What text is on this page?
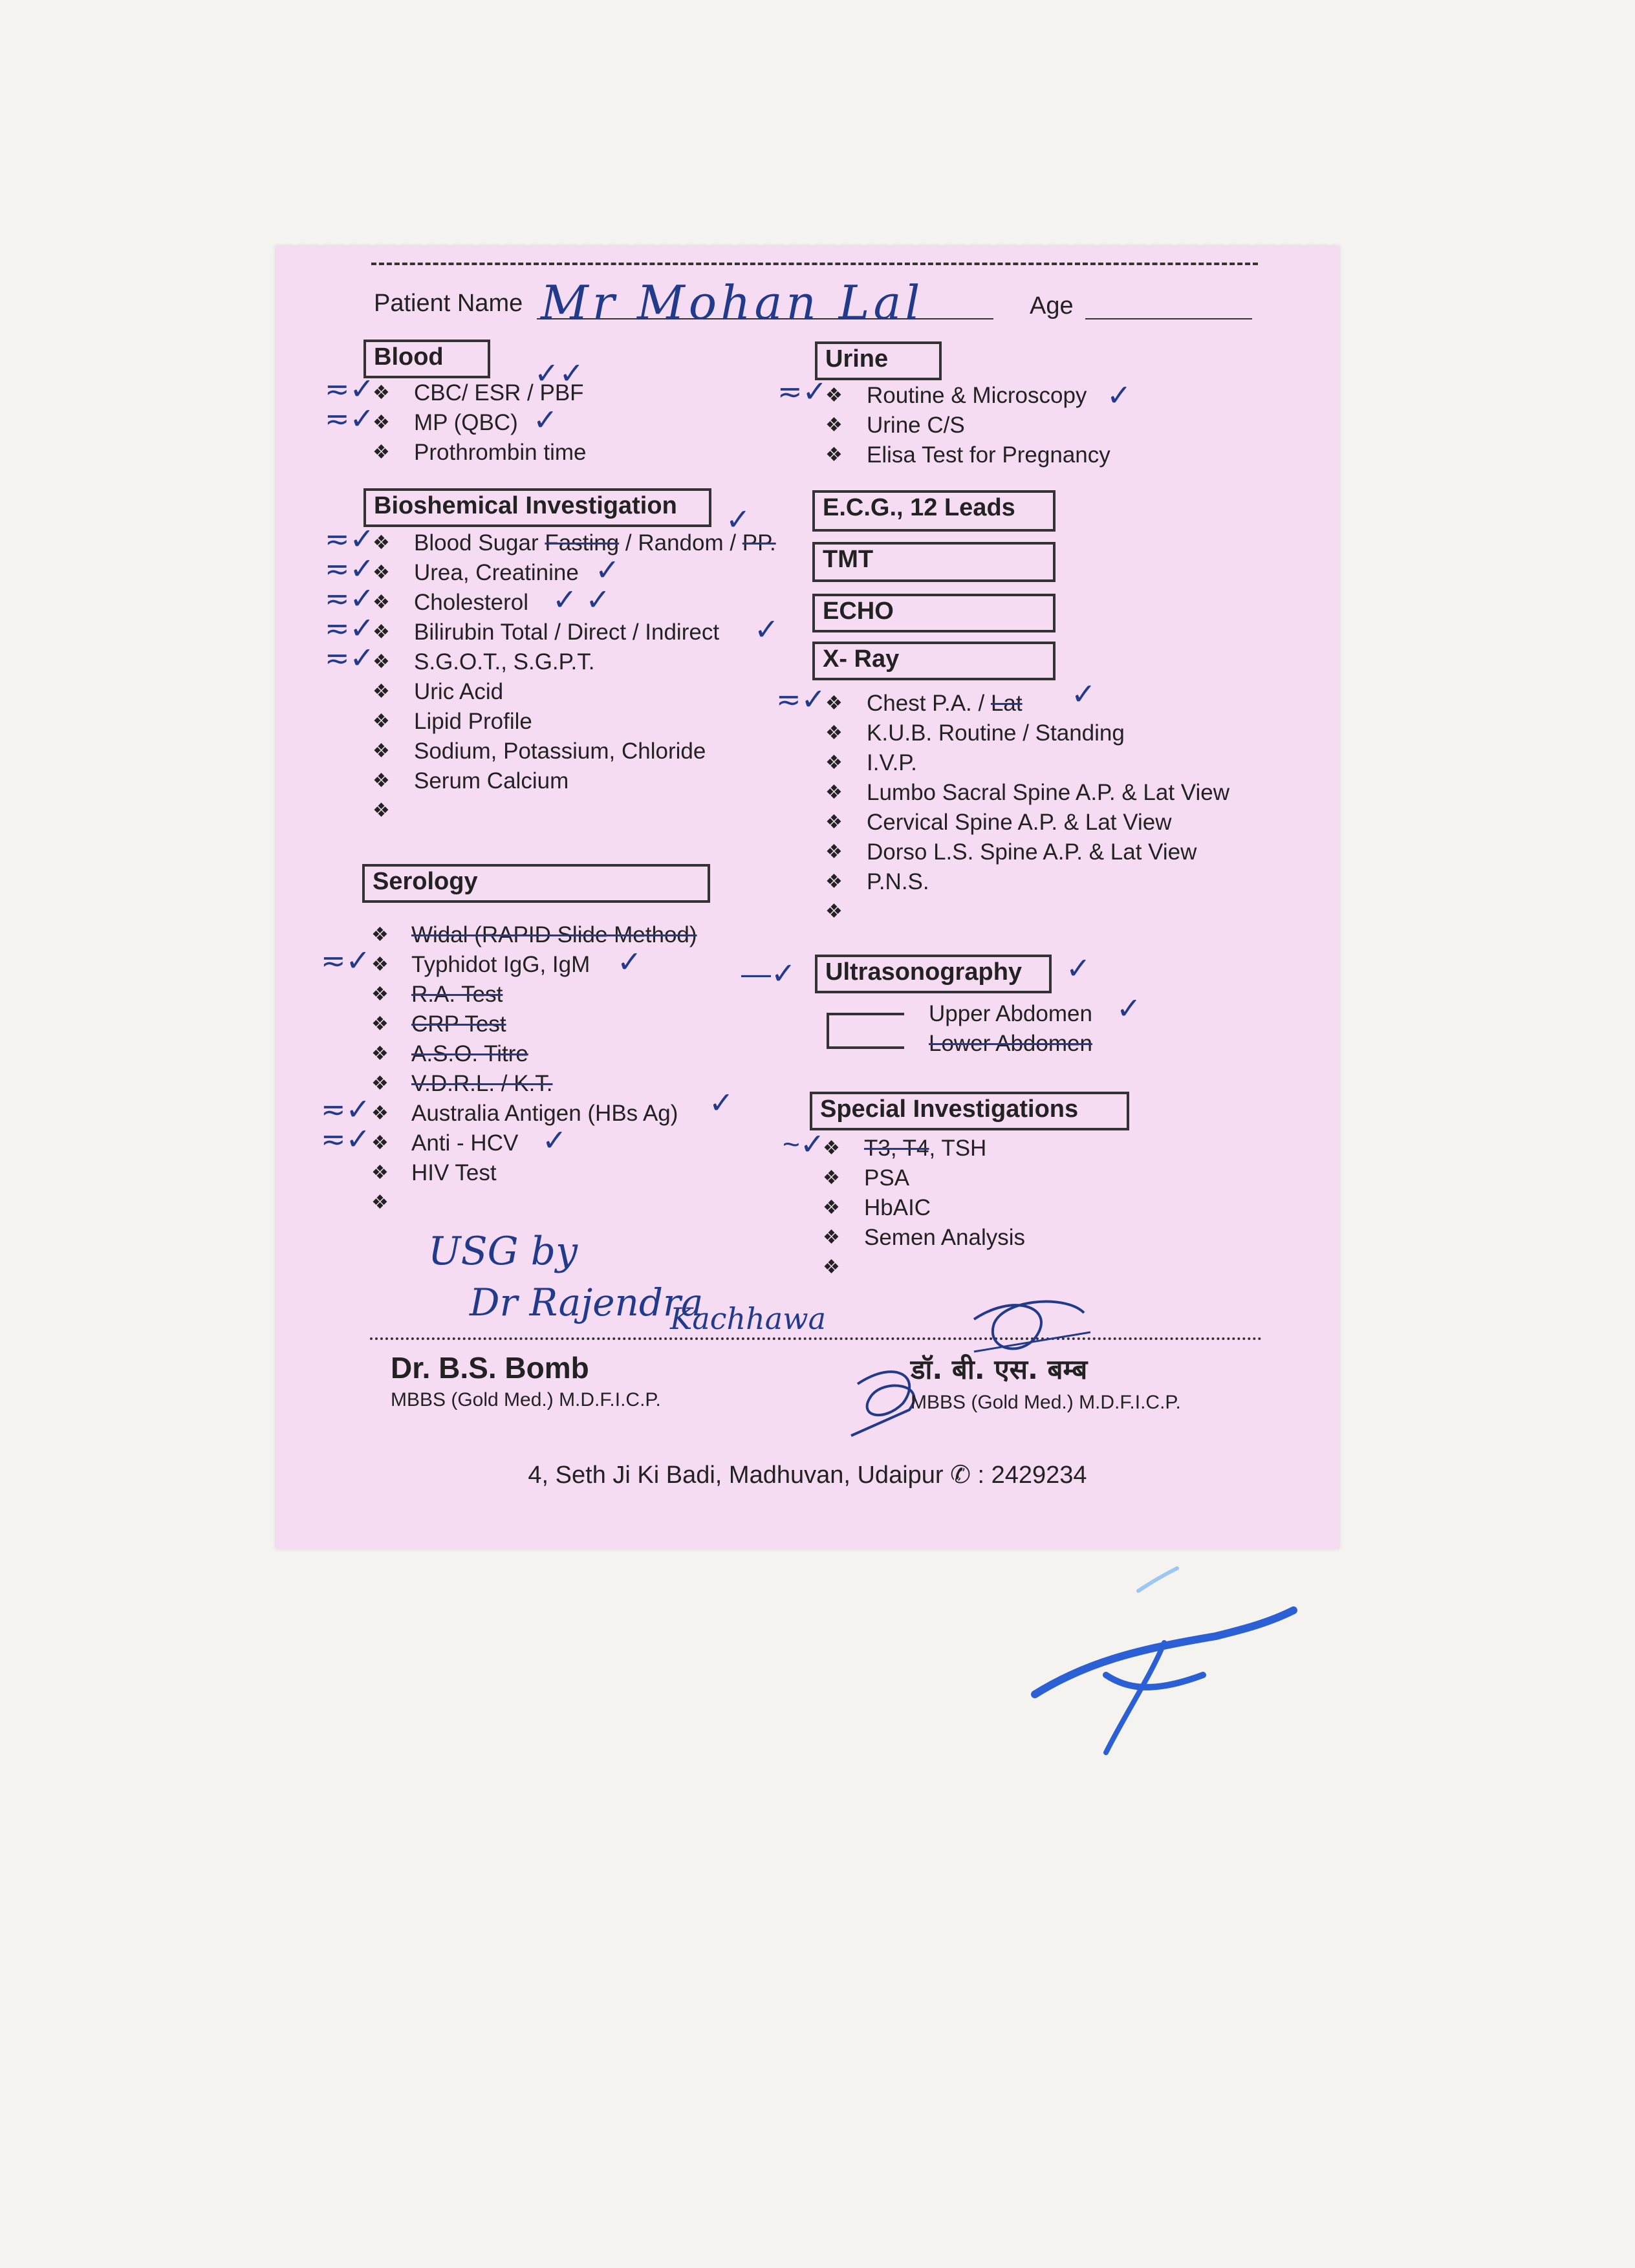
Patient Name Mr Mohan Lal	Age
Blood
❖ CBC/ ESR / PBF
❖ MP (QBC)
❖ Prothrombin time
Bioshemical Investigation
❖ Blood Sugar Fasting / Random / PP.
❖ Urea, Creatinine
❖ Cholesterol
❖ Bilirubin Total / Direct / Indirect
❖ S.G.O.T., S.G.P.T.
❖ Uric Acid
❖ Lipid Profile
❖ Sodium, Potassium, Chloride
❖ Serum Calcium
❖
Serology
❖ Widal (RAPID Slide Method)
❖ Typhidot IgG, IgM
❖ R.A. Test
❖ CRP Test
❖ A.S.O. Titre
❖ V.D.R.L. / K.T.
❖ Australia Antigen (HBs Ag)
❖ Anti - HCV
❖ HIV Test
❖
Urine
❖ Routine & Microscopy
❖ Urine C/S
❖ Elisa Test for Pregnancy
E.C.G., 12 Leads
TMT
ECHO
X- Ray
❖ Chest P.A. / Lat
❖ K.U.B. Routine / Standing
❖ I.V.P.
❖ Lumbo Sacral Spine A.P. & Lat View
❖ Cervical Spine A.P. & Lat View
❖ Dorso L.S. Spine A.P. & Lat View
❖ P.N.S.
❖
Ultrasonography
Upper Abdomen
Lower Abdomen
Special Investigations
❖ T3, T4, TSH
❖ PSA
❖ HbAIC
❖ Semen Analysis
❖
≂✓
≂✓
≂✓
≂✓
≂✓
≂✓
≂✓
≂✓
≂✓
≂✓
≂✓
≂✓
—✓
~✓
✓✓
✓
✓
✓
✓ ✓
✓
✓
✓
✓
✓
✓
✓
✓
USG by
Dr Rajendra
Kachhawa
Dr. B.S. Bomb
MBBS (Gold Med.) M.D.F.I.C.P.
डॉ. बी. एस. बम्ब
MBBS (Gold Med.) M.D.F.I.C.P.
4, Seth Ji Ki Badi, Madhuvan, Udaipur ✆ : 2429234
